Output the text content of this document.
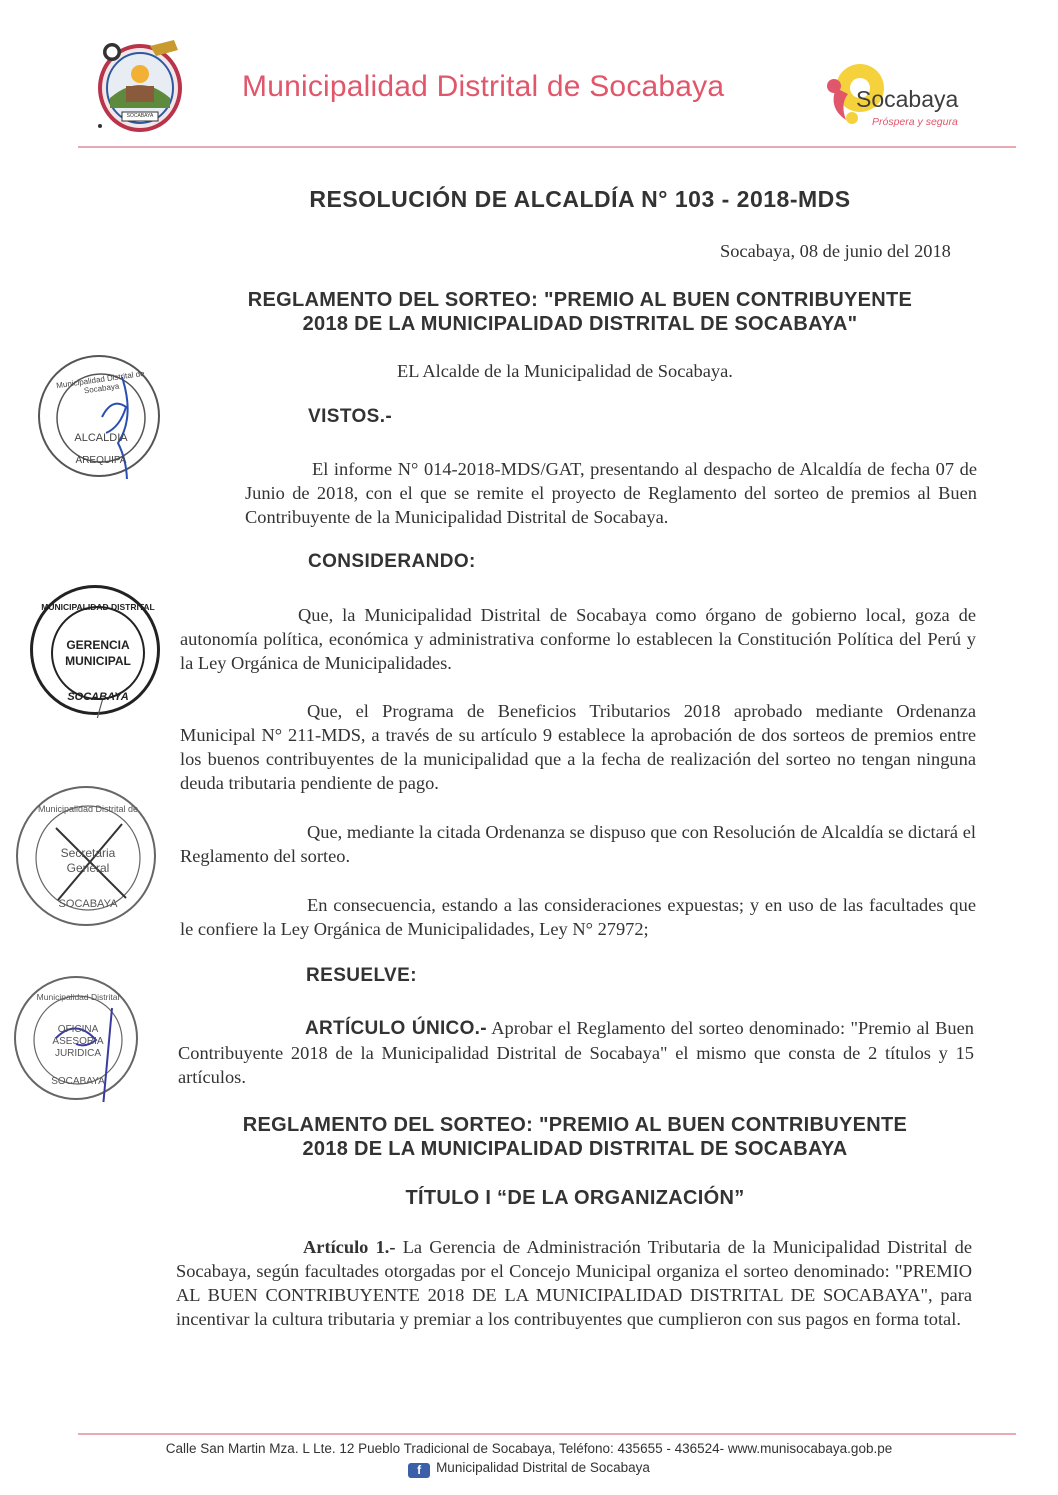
SOCABAYA
Municipalidad Distrital de Socabaya	Socabaya
Próspera y segura
RESOLUCIÓN DE ALCALDÍA N° 103 - 2018-MDS
Socabaya, 08 de junio del 2018
REGLAMENTO DEL SORTEO: "PREMIO AL BUEN CONTRIBUYENTE
2018 DE LA MUNICIPALIDAD DISTRITAL DE SOCABAYA"
EL Alcalde de la Municipalidad de Socabaya.
VISTOS.-
El informe N° 014-2018-MDS/GAT, presentando al despacho de Alcaldía de fecha 07 de Junio de 2018, con el que se remite el proyecto de Reglamento del sorteo de premios al Buen Contribuyente de la Municipalidad Distrital de Socabaya.
CONSIDERANDO:
Que, la Municipalidad Distrital de Socabaya como órgano de gobierno local, goza de autonomía política, económica y administrativa conforme lo establecen la Constitución Política del Perú y la Ley Orgánica de Municipalidades.
Que, el Programa de Beneficios Tributarios 2018 aprobado mediante Ordenanza Municipal N° 211-MDS, a través de su artículo 9 establece la aprobación de dos sorteos de premios entre los buenos contribuyentes de la municipalidad que a la fecha de realización del sorteo no tengan ninguna deuda tributaria pendiente de pago.
Que, mediante la citada Ordenanza se dispuso que con Resolución de Alcaldía se dictará el Reglamento del sorteo.
En consecuencia, estando a las consideraciones expuestas; y en uso de las facultades que le confiere la Ley Orgánica de Municipalidades, Ley N° 27972;
RESUELVE:
ARTÍCULO ÚNICO.- Aprobar el Reglamento del sorteo denominado: "Premio al Buen Contribuyente 2018 de la Municipalidad Distrital de Socabaya" el mismo que consta de 2 títulos y 15 artículos.
REGLAMENTO DEL SORTEO: "PREMIO AL BUEN CONTRIBUYENTE
2018 DE LA MUNICIPALIDAD DISTRITAL DE SOCABAYA
TÍTULO I “DE LA ORGANIZACIÓN”
Artículo 1.- La Gerencia de Administración Tributaria de la Municipalidad Distrital de Socabaya, según facultades otorgadas por el Concejo Municipal organiza el sorteo denominado: "PREMIO AL BUEN CONTRIBUYENTE 2018 DE LA MUNICIPALIDAD DISTRITAL DE SOCABAYA", para incentivar la cultura tributaria y premiar a los contribuyentes que cumplieron con sus pagos en forma total.
Municipalidad Distrital de Socabaya
ALCALDIA
AREQUIPA
MUNICIPALIDAD DISTRITAL
GERENCIA
MUNICIPAL
SOCABAYA
Municipalidad Distrital de
Secretaria
General
SOCABAYA
Municipalidad Distrital
OFICINA
ASESORIA
JURIDICA
SOCABAYA
Calle San Martin Mza. L Lte. 12 Pueblo Tradicional de Socabaya, Teléfono: 435655 - 436524- www.munisocabaya.gob.pe
f Municipalidad Distrital de Socabaya
